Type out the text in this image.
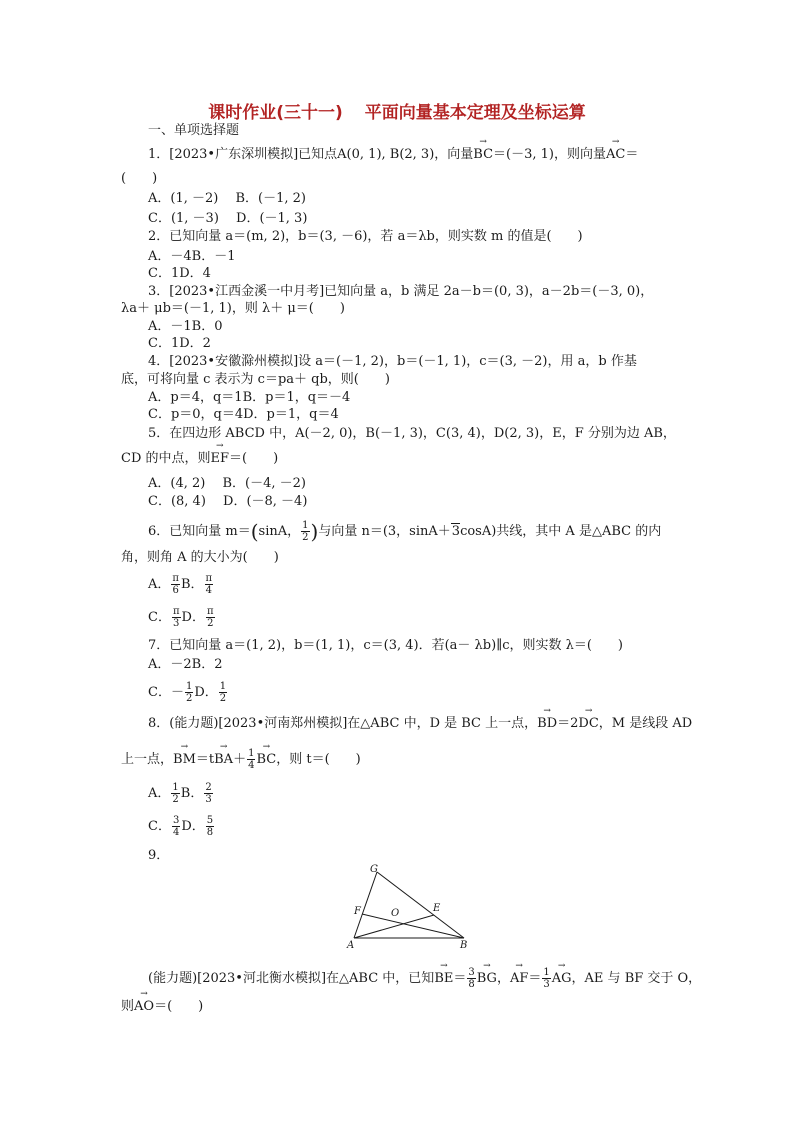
课时作业(三十一) 平面向量基本定理及坐标运算
一、单项选择题
1．[2023•广东深圳模拟]已知点A(0, 1), B(2, 3)，向量→ BC＝(－3, 1)，则向量→ AC＝
(　　)
A．(1, －2)　 B．(－1, 2)
C．(1, －3)　 D．(－1, 3)
2．已知向量 a＝(m, 2)，b＝(3, －6)，若 a＝λb，则实数 m 的值是(　　)
A．－4B．－1
C．1D．4
3．[2023•江西金溪一中月考]已知向量 a，b 满足 2a－b＝(0, 3)，a－2b＝(－3, 0)，
λa＋ μb＝(－1, 1)，则 λ＋ μ＝(　　)
A．－1B．0
C．1D．2
4．[2023•安徽滁州模拟]设 a＝(－1, 2)，b＝(－1, 1)，c＝(3, －2)，用 a，b 作基
底，可将向量 c 表示为 c＝pa＋ qb，则(　　)
A．p＝4，q＝1B．p＝1，q＝－4
C．p＝0，q＝4D．p＝1，q＝4
5．在四边形 ABCD 中，A(－2, 0)，B(－1, 3)，C(3, 4)，D(2, 3)，E，F 分别为边 AB，
CD 的中点，则→ EF＝(　　)
A．(4, 2)　 B．(－4, －2)
C．(8, 4)　 D．(－8, －4)
6．已知向量 m＝(sinA， $\frac{1}{2}$ )与向量 n＝(3，sinA＋3cosA)共线，其中 A 是△ABC 的内
角，则角 A 的大小为(　　)
A． $\frac{\pi}{6}$ B． $\frac{\pi}{4}$
C． $\frac{\pi}{3}$ D． $\frac{\pi}{2}$
7．已知向量 a＝(1, 2)，b＝(1, 1)，c＝(3, 4)．若(a－ λb)∥c，则实数 λ＝(　　)
A．－2B．2
C．－ $\frac{1}{2}$ D． $\frac{1}{2}$
8．(能力题)[2023•河南郑州模拟]在△ABC 中，D 是 BC 上一点，→ BD＝2→ DC，M 是线段 AD
上一点，→ $BM=t\to BA+ \frac{1}{4}$ → BC，则 t＝(　　)
A． $\frac{1}{2}$ B． $\frac{2}{3}$
C． $\frac{3}{4}$ D． $\frac{5}{8}$
9．
G
F	O	E
A	B
(能力题)[2023•河北衡水模拟]在△ABC 中，已知→ $BE= \frac{3}{8}$ → BG，→ $AF= \frac{1}{3}$ → AG，AE 与 BF 交于 O，
则→ AO＝(　　)
